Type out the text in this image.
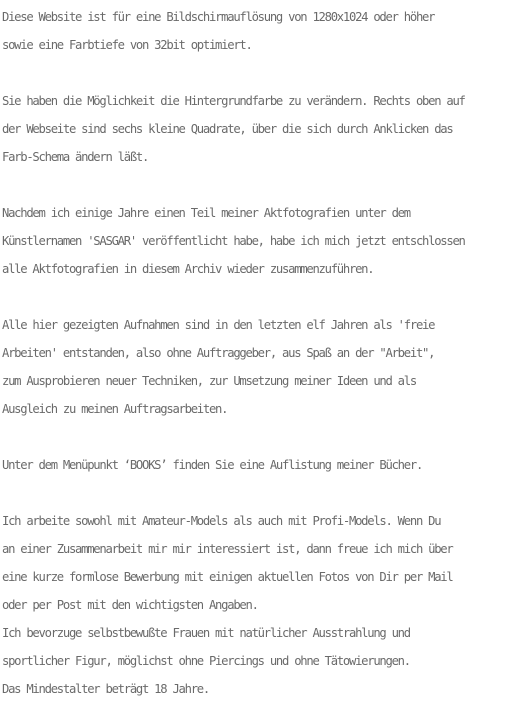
Diese Website ist für eine Bildschirmauflösung von 1280x1024 oder höher
sowie eine Farbtiefe von 32bit optimiert.

Sie haben die Möglichkeit die Hintergrundfarbe zu verändern. Rechts oben auf
der Webseite sind sechs kleine Quadrate, über die sich durch Anklicken das
Farb-Schema ändern läßt.

Nachdem ich einige Jahre einen Teil meiner Aktfotografien unter dem
Künstlernamen 'SASGAR' veröffentlicht habe, habe ich mich jetzt entschlossen
alle Aktfotografien in diesem Archiv wieder zusammenzuführen.

Alle hier gezeigten Aufnahmen sind in den letzten elf Jahren als 'freie
Arbeiten' entstanden, also ohne Auftraggeber, aus Spaß an der "Arbeit",
zum Ausprobieren neuer Techniken, zur Umsetzung meiner Ideen und als
Ausgleich zu meinen Auftragsarbeiten.

Unter dem Menüpunkt ‘BOOKS’ finden Sie eine Auflistung meiner Bücher.

Ich arbeite sowohl mit Amateur-Models als auch mit Profi-Models. Wenn Du
an einer Zusammenarbeit mir mir interessiert ist, dann freue ich mich über
eine kurze formlose Bewerbung mit einigen aktuellen Fotos von Dir per Mail
oder per Post mit den wichtigsten Angaben.
Ich bevorzuge selbstbewußte Frauen mit natürlicher Ausstrahlung und
sportlicher Figur, möglichst ohne Piercings und ohne Tätowierungen.
Das Mindestalter beträgt 18 Jahre.
